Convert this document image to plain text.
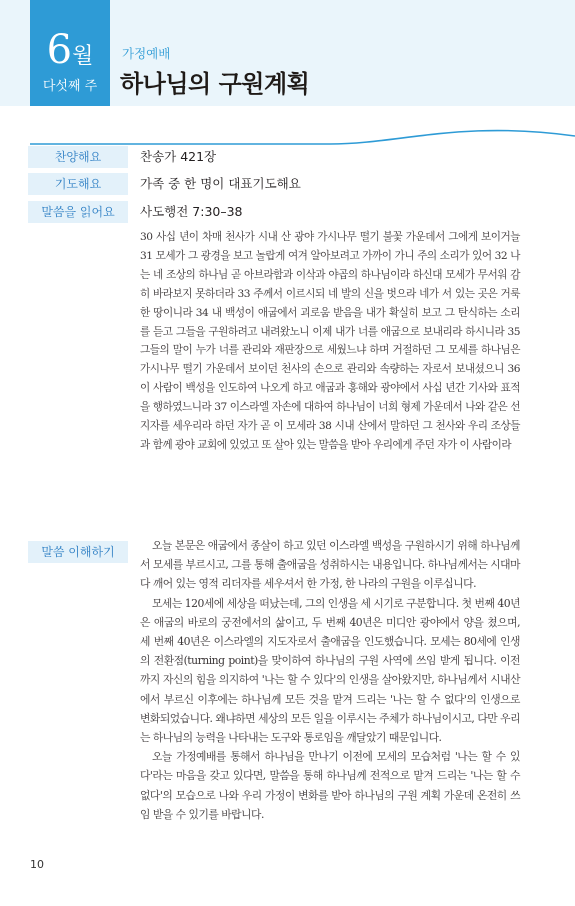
6월
다섯째 주
가정예배
하나님의 구원계획
찬양해요	찬송가 421장
기도해요	가족 중 한 명이 대표기도해요
말씀을 읽어요	사도행전 7:30–38
30 사십 년이 차매 천사가 시내 산 광야 가시나무 떨기 불꽃 가운데서 그에게 보이거늘 31 모세가 그 광경을 보고 놀랍게 여겨 알아보려고 가까이 가니 주의 소리가 있어 32 나는 네 조상의 하나님 곧 아브라함과 이삭과 야곱의 하나님이라 하신대 모세가 무서워 감히 바라보지 못하더라 33 주께서 이르시되 네 발의 신을 벗으라 네가 서 있는 곳은 거룩한 땅이니라 34 내 백성이 애굽에서 괴로움 받음을 내가 확실히 보고 그 탄식하는 소리를 듣고 그들을 구원하려고 내려왔노니 이제 내가 너를 애굽으로 보내리라 하시니라 35 그들의 말이 누가 너를 관리와 재판장으로 세웠느냐 하며 거절하던 그 모세를 하나님은 가시나무 떨기 가운데서 보이던 천사의 손으로 관리와 속량하는 자로서 보내셨으니 36 이 사람이 백성을 인도하여 나오게 하고 애굽과 홍해와 광야에서 사십 년간 기사와 표적을 행하였느니라 37 이스라엘 자손에 대하여 하나님이 너희 형제 가운데서 나와 같은 선지자를 세우리라 하던 자가 곧 이 모세라 38 시내 산에서 말하던 그 천사와 우리 조상들과 함께 광야 교회에 있었고 또 살아 있는 말씀을 받아 우리에게 주던 자가 이 사람이라
말씀 이해하기	오늘 본문은 애굽에서 종살이 하고 있던 이스라엘 백성을 구원하시기 위해 하나님께서 모세를 부르시고, 그를 통해 출애굽을 성취하시는 내용입니다. 하나님께서는 시대마다 깨어 있는 영적 리더자를 세우셔서 한 가정, 한 나라의 구원을 이루십니다.

모세는 120세에 세상을 떠났는데, 그의 인생을 세 시기로 구분합니다. 첫 번째 40년은 애굽의 바로의 궁전에서의 삶이고, 두 번째 40년은 미디안 광야에서 양을 쳤으며, 세 번째 40년은 이스라엘의 지도자로서 출애굽을 인도했습니다. 모세는 80세에 인생의 전환점(turning point)을 맞이하여 하나님의 구원 사역에 쓰임 받게 됩니다. 이전까지 자신의 힘을 의지하여 '나는 할 수 있다'의 인생을 살아왔지만, 하나님께서 시내산에서 부르신 이후에는 하나님께 모든 것을 맡겨 드리는 '나는 할 수 없다'의 인생으로 변화되었습니다. 왜냐하면 세상의 모든 일을 이루시는 주체가 하나님이시고, 다만 우리는 하나님의 능력을 나타내는 도구와 통로임을 깨달았기 때문입니다.

오늘 가정예배를 통해서 하나님을 만나기 이전에 모세의 모습처럼 '나는 할 수 있다'라는 마음을 갖고 있다면, 말씀을 통해 하나님께 전적으로 맡겨 드리는 '나는 할 수 없다'의 모습으로 나와 우리 가정이 변화를 받아 하나님의 구원 계획 가운데 온전히 쓰임 받을 수 있기를 바랍니다.

10
